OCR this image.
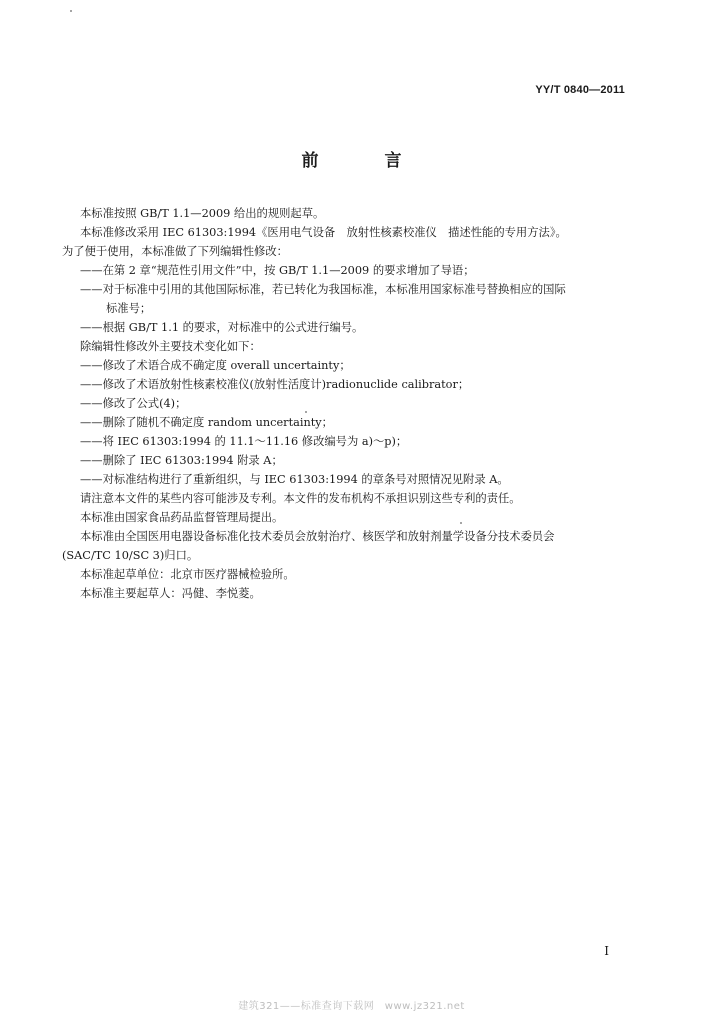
YY/T 0840—2011
前 言
本标准按照 GB/T 1.1—2009 给出的规则起草。
本标准修改采用 IEC 61303:1994《医用电气设备　放射性核素校准仪　描述性能的专用方法》。
为了便于使用，本标准做了下列编辑性修改：
——在第 2 章“规范性引用文件”中，按 GB/T 1.1—2009 的要求增加了导语；
——对于标准中引用的其他国际标准，若已转化为我国标准，本标准用国家标准号替换相应的国际
标准号；
——根据 GB/T 1.1 的要求，对标准中的公式进行编号。
除编辑性修改外主要技术变化如下：
——修改了术语合成不确定度 overall uncertainty；
——修改了术语放射性核素校准仪(放射性活度计)radionuclide calibrator；
——修改了公式(4)；
——删除了随机不确定度 random uncertainty；
——将 IEC 61303:1994 的 11.1～11.16 修改编号为 a)～p)；
——删除了 IEC 61303:1994 附录 A；
——对标准结构进行了重新组织，与 IEC 61303:1994 的章条号对照情况见附录 A。
请注意本文件的某些内容可能涉及专利。本文件的发布机构不承担识别这些专利的责任。
本标准由国家食品药品监督管理局提出。
本标准由全国医用电器设备标准化技术委员会放射治疗、核医学和放射剂量学设备分技术委员会
(SAC/TC 10/SC 3)归口。
本标准起草单位：北京市医疗器械检验所。
本标准主要起草人：冯健、李悦菱。
I
建筑321——标准查询下载网　www.jz321.net
